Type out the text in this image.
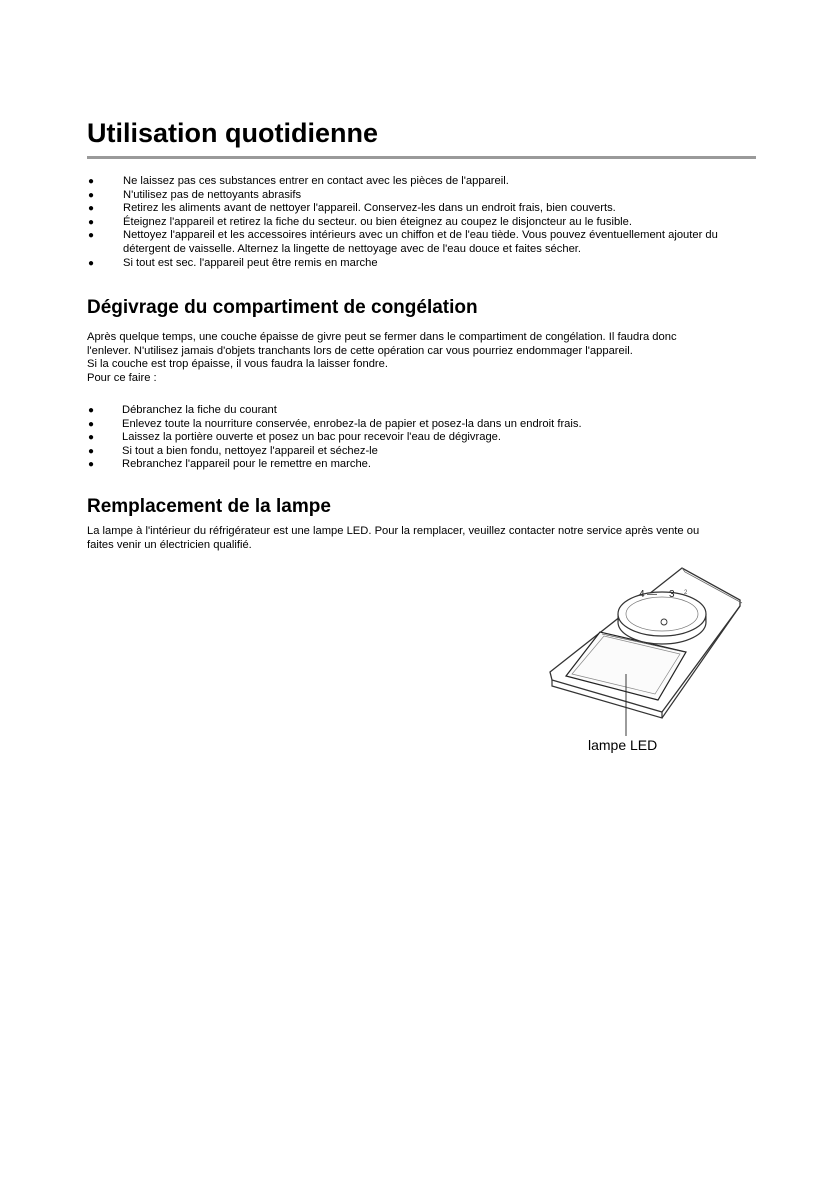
Utilisation quotidienne
●	Ne laissez pas ces substances entrer en contact avec les pièces de l'appareil.
●	N'utilisez pas de nettoyants abrasifs
●	Retirez les aliments avant de nettoyer l'appareil. Conservez-les dans un endroit frais, bien couverts.
●	Éteignez l'appareil et retirez la fiche du secteur. ou bien éteignez au coupez le disjoncteur au le fusible.
●	Nettoyez l'appareil et les accessoires intérieurs avec un chiffon et de l'eau tiède. Vous pouvez éventuellement ajouter du détergent de vaisselle. Alternez la lingette de nettoyage avec de l'eau douce et faites sécher.
●	Si tout est sec. l'appareil peut être remis en marche
Dégivrage du compartiment de congélation
Après quelque temps, une couche épaisse de givre peut se fermer dans le compartiment de congélation. Il faudra donc
l'enlever. N'utilisez jamais d'objets tranchants lors de cette opération car vous pourriez endommager l'appareil.
Si la couche est trop épaisse, il vous faudra la laisser fondre.
Pour ce faire :
● Débranchez la fiche du courant
● Enlevez toute la nourriture conservée, enrobez-la de papier et posez-la dans un endroit frais.
● Laissez la portière ouverte et posez un bac pour recevoir l'eau de dégivrage.
● Si tout a bien fondu, nettoyez l'appareil et séchez-le
● Rebranchez l'appareil pour le remettre en marche.
Remplacement de la lampe
La lampe à l'intérieur du réfrigérateur est une lampe LED. Pour la remplacer, veuillez contacter notre service après vente ou
faites venir un électricien qualifié.
4 — 3 2
lampe LED
